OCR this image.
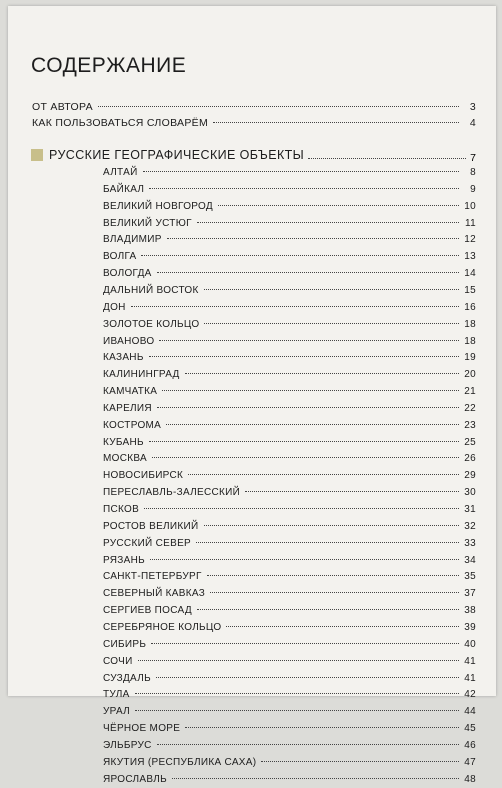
СОДЕРЖАНИЕ
ОТ АВТОРА	3
КАК ПОЛЬЗОВАТЬСЯ СЛОВАРЁМ	4
РУССКИЕ ГЕОГРАФИЧЕСКИЕ ОБЪЕКТЫ	7
АЛТАЙ	8
БАЙКАЛ	9
ВЕЛИКИЙ НОВГОРОД	10
ВЕЛИКИЙ УСТЮГ	11
ВЛАДИМИР	12
ВОЛГА	13
ВОЛОГДА	14
ДАЛЬНИЙ ВОСТОК	15
ДОН	16
ЗОЛОТОЕ КОЛЬЦО	18
ИВАНОВО	18
КАЗАНЬ	19
КАЛИНИНГРАД	20
КАМЧАТКА	21
КАРЕЛИЯ	22
КОСТРОМА	23
КУБАНЬ	25
МОСКВА	26
НОВОСИБИРСК	29
ПЕРЕСЛАВЛЬ-ЗАЛЕССКИЙ	30
ПСКОВ	31
РОСТОВ ВЕЛИКИЙ	32
РУССКИЙ СЕВЕР	33
РЯЗАНЬ	34
САНКТ-ПЕТЕРБУРГ	35
СЕВЕРНЫЙ КАВКАЗ	37
СЕРГИЕВ ПОСАД	38
СЕРЕБРЯНОЕ КОЛЬЦО	39
СИБИРЬ	40
СОЧИ	41
СУЗДАЛЬ	41
ТУЛА	42
УРАЛ	44
ЧЁРНОЕ МОРЕ	45
ЭЛЬБРУС	46
ЯКУТИЯ (РЕСПУБЛИКА САХА)	47
ЯРОСЛАВЛЬ	48
